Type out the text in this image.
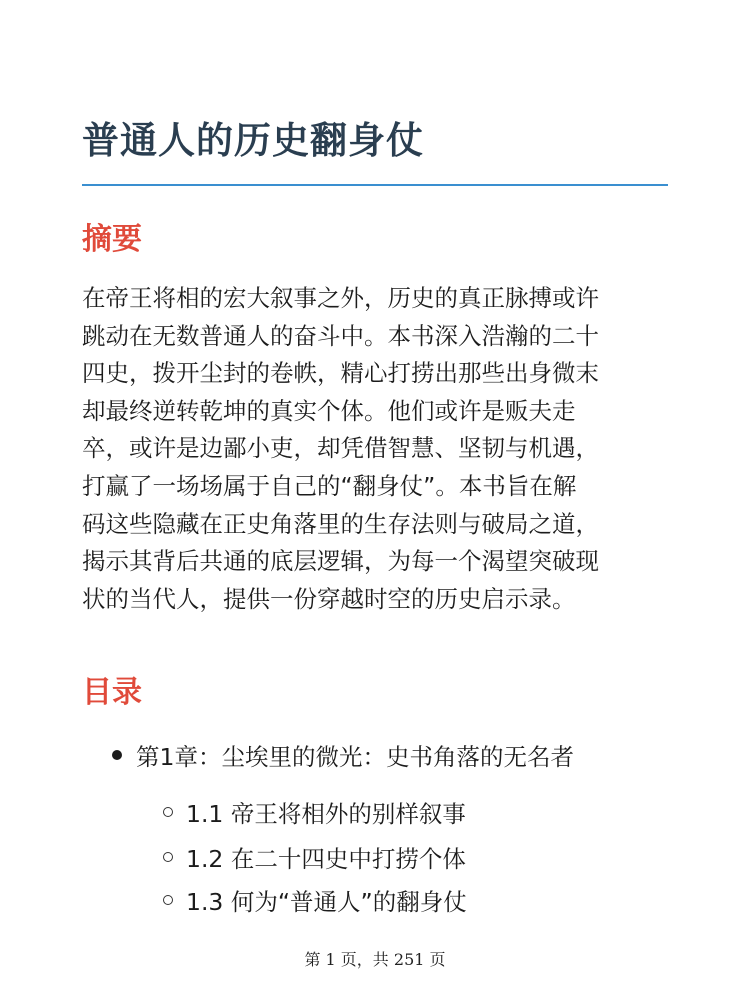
普通人的历史翻身仗
摘要
在帝王将相的宏大叙事之外，历史的真正脉搏或许
跳动在无数普通人的奋斗中。本书深入浩瀚的二十
四史，拨开尘封的卷帙，精心打捞出那些出身微末
却最终逆转乾坤的真实个体。他们或许是贩夫走
卒，或许是边鄙小吏，却凭借智慧、坚韧与机遇，
打赢了一场场属于自己的“翻身仗”。本书旨在解
码这些隐藏在正史角落里的生存法则与破局之道，
揭示其背后共通的底层逻辑，为每一个渴望突破现
状的当代人，提供一份穿越时空的历史启示录。
目录
第1章：尘埃里的微光：史书角落的无名者
1.1 帝王将相外的别样叙事
1.2 在二十四史中打捞个体
1.3 何为“普通人”的翻身仗
第 1 页，共 251 页
